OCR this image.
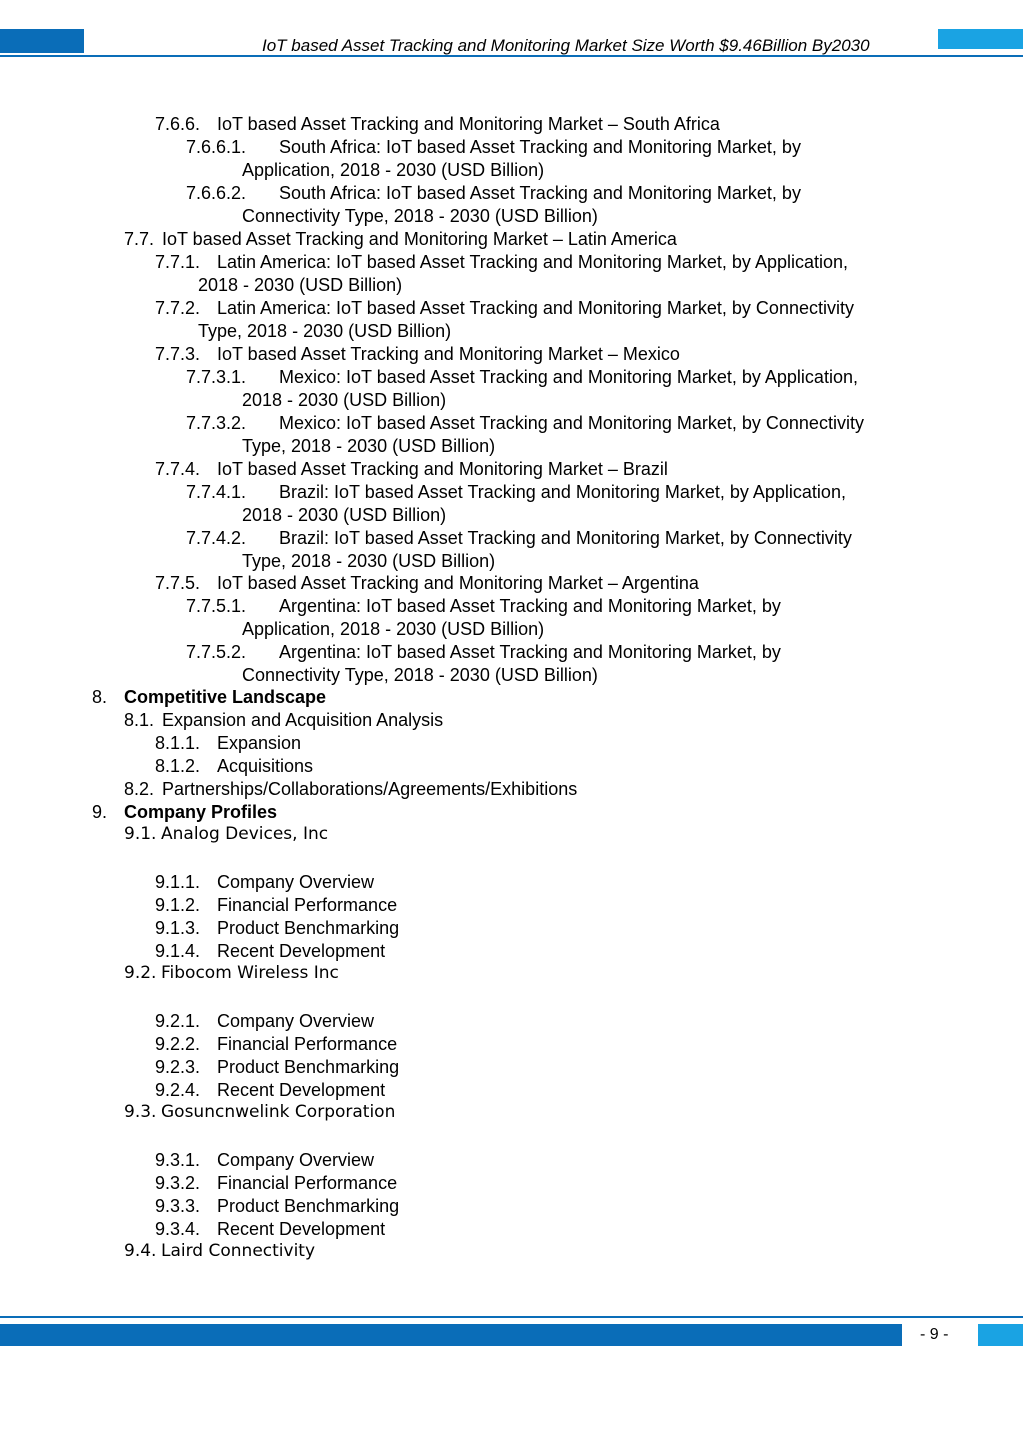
IoT based Asset Tracking and Monitoring Market Size Worth $9.46Billion By2030
7.6.6. IoT based Asset Tracking and Monitoring Market – South Africa
7.6.6.1. South Africa: IoT based Asset Tracking and Monitoring Market, by
Application, 2018 - 2030 (USD Billion)
7.6.6.2. South Africa: IoT based Asset Tracking and Monitoring Market, by
Connectivity Type, 2018 - 2030 (USD Billion)
7.7. IoT based Asset Tracking and Monitoring Market – Latin America
7.7.1. Latin America: IoT based Asset Tracking and Monitoring Market, by Application,
2018 - 2030 (USD Billion)
7.7.2. Latin America: IoT based Asset Tracking and Monitoring Market, by Connectivity
Type, 2018 - 2030 (USD Billion)
7.7.3. IoT based Asset Tracking and Monitoring Market – Mexico
7.7.3.1. Mexico: IoT based Asset Tracking and Monitoring Market, by Application,
2018 - 2030 (USD Billion)
7.7.3.2. Mexico: IoT based Asset Tracking and Monitoring Market, by Connectivity
Type, 2018 - 2030 (USD Billion)
7.7.4. IoT based Asset Tracking and Monitoring Market – Brazil
7.7.4.1. Brazil: IoT based Asset Tracking and Monitoring Market, by Application,
2018 - 2030 (USD Billion)
7.7.4.2. Brazil: IoT based Asset Tracking and Monitoring Market, by Connectivity
Type, 2018 - 2030 (USD Billion)
7.7.5. IoT based Asset Tracking and Monitoring Market – Argentina
7.7.5.1. Argentina: IoT based Asset Tracking and Monitoring Market, by
Application, 2018 - 2030 (USD Billion)
7.7.5.2. Argentina: IoT based Asset Tracking and Monitoring Market, by
Connectivity Type, 2018 - 2030 (USD Billion)
8. Competitive Landscape
8.1. Expansion and Acquisition Analysis
8.1.1. Expansion
8.1.2. Acquisitions
8.2. Partnerships/Collaborations/Agreements/Exhibitions
9. Company Profiles
9.1. Analog Devices, Inc
9.1.1. Company Overview
9.1.2. Financial Performance
9.1.3. Product Benchmarking
9.1.4. Recent Development
9.2. Fibocom Wireless Inc
9.2.1. Company Overview
9.2.2. Financial Performance
9.2.3. Product Benchmarking
9.2.4. Recent Development
9.3. Gosuncnwelink Corporation
9.3.1. Company Overview
9.3.2. Financial Performance
9.3.3. Product Benchmarking
9.3.4. Recent Development
9.4. Laird Connectivity
- 9 -
